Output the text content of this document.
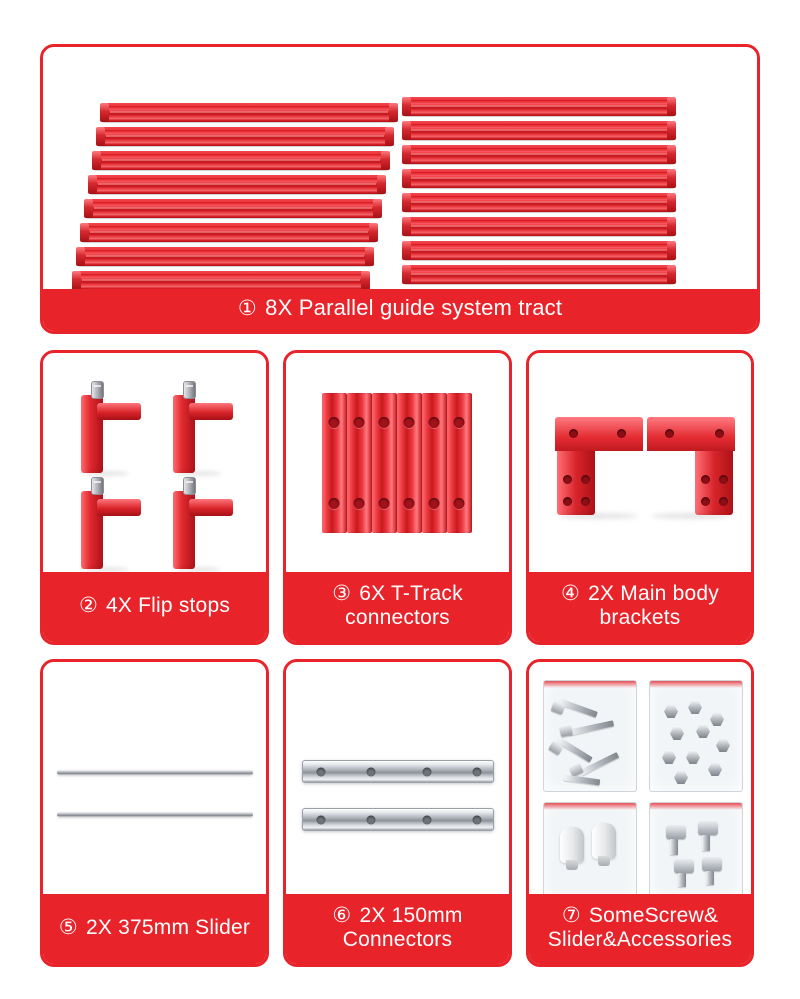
① 8X Parallel guide system tract
② 4X Flip stops
③ 6X T-Track
connectors
④ 2X Main body
brackets
⑤ 2X 375mm Slider
⑥ 2X 150mm
Connectors
⑦ SomeScrew&
Slider&Accessories
